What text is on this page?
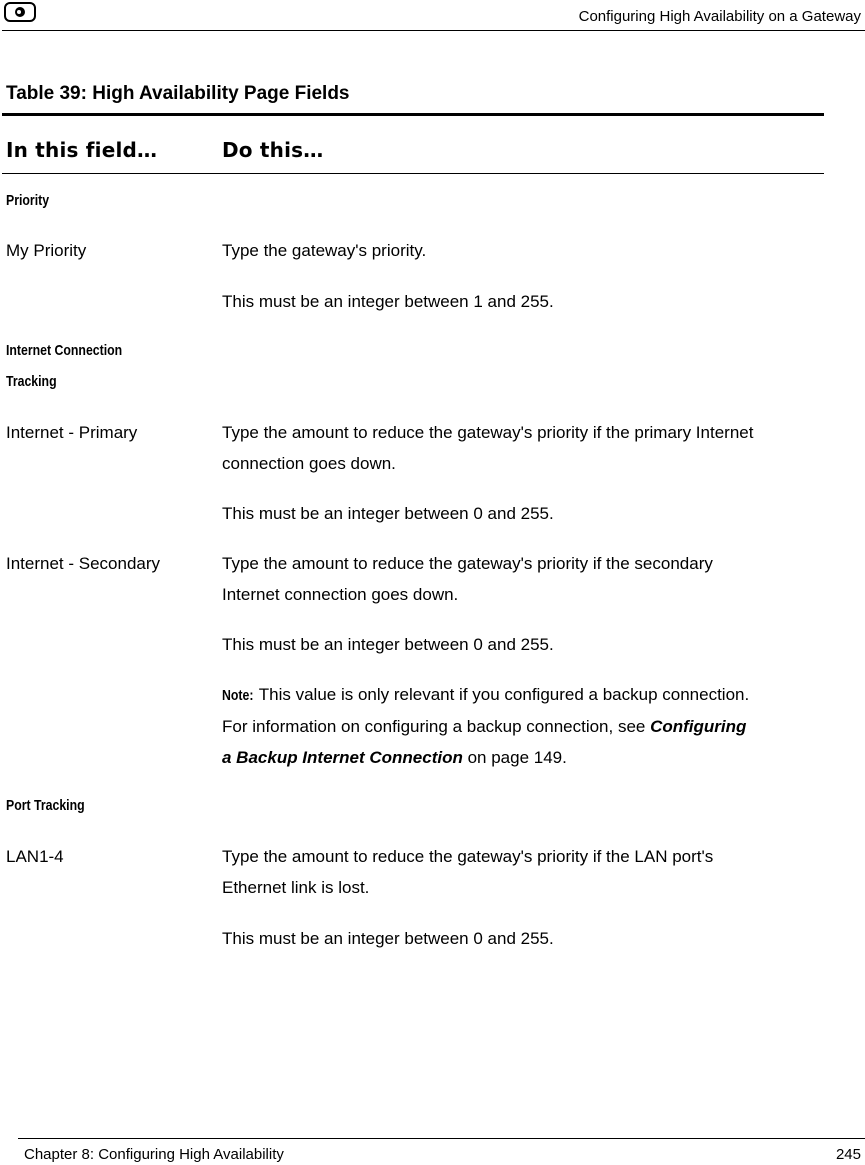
Configuring High Availability on a Gateway
Table 39: High Availability Page Fields
In this field…	Do this…
Priority
My Priority	Type the gateway's priority.
This must be an integer between 1 and 255.
Internet Connection
Tracking
Internet - Primary	Type the amount to reduce the gateway's priority if the primary Internet
connection goes down.
This must be an integer between 0 and 255.
Internet - Secondary	Type the amount to reduce the gateway's priority if the secondary
Internet connection goes down.
This must be an integer between 0 and 255.
Note: This value is only relevant if you configured a backup connection.
For information on configuring a backup connection, see Configuring
a Backup Internet Connection on page 149.
Port Tracking
LAN1-4	Type the amount to reduce the gateway's priority if the LAN port's
Ethernet link is lost.
This must be an integer between 0 and 255.
Chapter 8: Configuring High Availability	245
